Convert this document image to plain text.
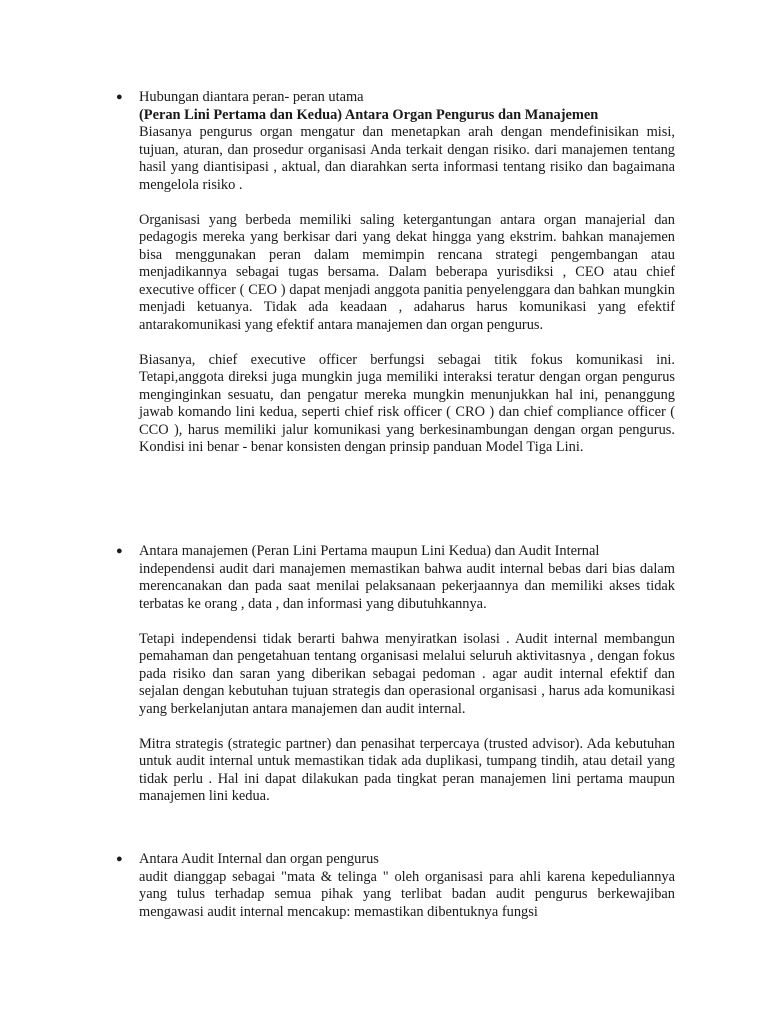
● Hubungan diantara peran- peran utama

(Peran Lini Pertama dan Kedua) Antara Organ Pengurus dan Manajemen

Biasanya pengurus organ mengatur dan menetapkan arah dengan mendefinisikan misi, tujuan, aturan, dan prosedur organisasi Anda terkait dengan risiko. dari manajemen tentang hasil yang diantisipasi , aktual, dan diarahkan serta informasi tentang risiko dan bagaimana mengelola risiko .

Organisasi yang berbeda memiliki saling ketergantungan antara organ manajerial dan pedagogis mereka yang berkisar dari yang dekat hingga yang ekstrim. bahkan manajemen bisa menggunakan peran dalam memimpin rencana strategi pengembangan atau menjadikannya sebagai tugas bersama. Dalam beberapa yurisdiksi , CEO atau chief executive officer ( CEO ) dapat menjadi anggota panitia penyelenggara dan bahkan mungkin menjadi ketuanya. Tidak ada keadaan , adaharus harus komunikasi yang efektif antarakomunikasi yang efektif antara manajemen dan organ pengurus.

Biasanya, chief executive officer berfungsi sebagai titik fokus komunikasi ini. Tetapi,anggota direksi juga mungkin juga memiliki interaksi teratur dengan organ pengurus menginginkan sesuatu, dan pengatur mereka mungkin menunjukkan hal ini, penanggung jawab komando lini kedua, seperti chief risk officer ( CRO ) dan chief compliance officer ( CCO ), harus memiliki jalur komunikasi yang berkesinambungan dengan organ pengurus. Kondisi ini benar - benar konsisten dengan prinsip panduan Model Tiga Lini.

● Antara manajemen (Peran Lini Pertama maupun Lini Kedua) dan Audit Internal

independensi audit dari manajemen memastikan bahwa audit internal bebas dari bias dalam merencanakan dan pada saat menilai pelaksanaan pekerjaannya dan memiliki akses tidak terbatas ke orang , data , dan informasi yang dibutuhkannya.

Tetapi independensi tidak berarti bahwa menyiratkan isolasi . Audit internal membangun pemahaman dan pengetahuan tentang organisasi melalui seluruh aktivitasnya , dengan fokus pada risiko dan saran yang diberikan sebagai pedoman . agar audit internal efektif dan sejalan dengan kebutuhan tujuan strategis dan operasional organisasi , harus ada komunikasi yang berkelanjutan antara manajemen dan audit internal.

Mitra strategis (strategic partner) dan penasihat terpercaya (trusted advisor). Ada kebutuhan untuk audit internal untuk memastikan tidak ada duplikasi, tumpang tindih, atau detail yang tidak perlu . Hal ini dapat dilakukan pada tingkat peran manajemen lini pertama maupun manajemen lini kedua.

● Antara Audit Internal dan organ pengurus

audit dianggap sebagai "mata & telinga " oleh organisasi para ahli karena kepeduliannya yang tulus terhadap semua pihak yang terlibat badan audit pengurus berkewajiban mengawasi audit internal mencakup: memastikan dibentuknya fungsi
